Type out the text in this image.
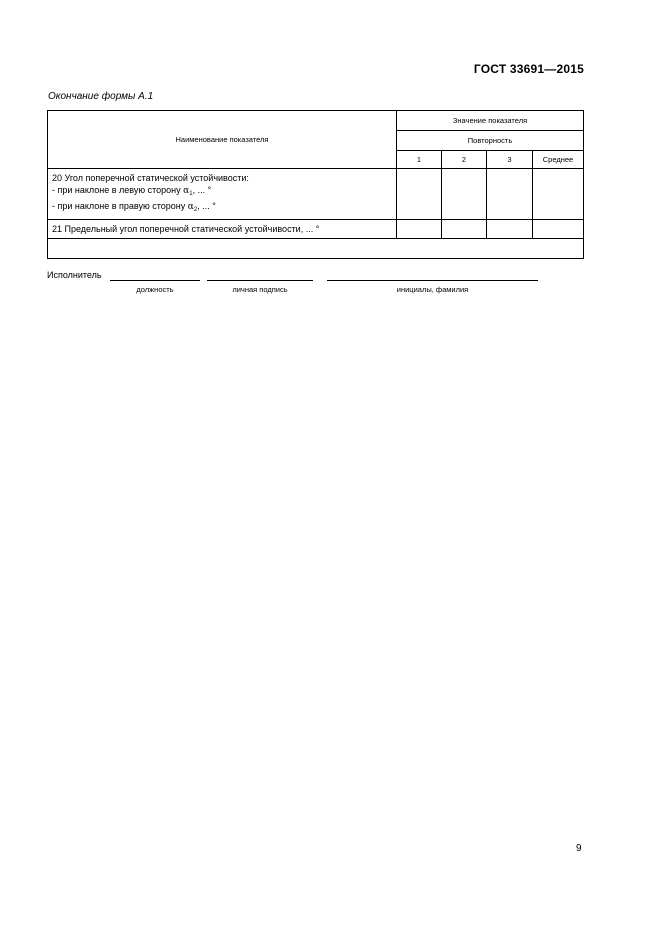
ГОСТ 33691—2015
Окончание формы А.1
Наименование показателя	Значение показателя			
	Повторность			
	1	2	3	Среднее

20 Угол поперечной статической устойчивости:
- при наклоне в левую сторону $\alpha_1$, ... °
- при наклоне в правую сторону $\alpha_2$, ... °				

21 Предельный угол поперечной статической устойчивости, ... °				

Исполнитель
должность	личная подпись	инициалы, фамилия
9
